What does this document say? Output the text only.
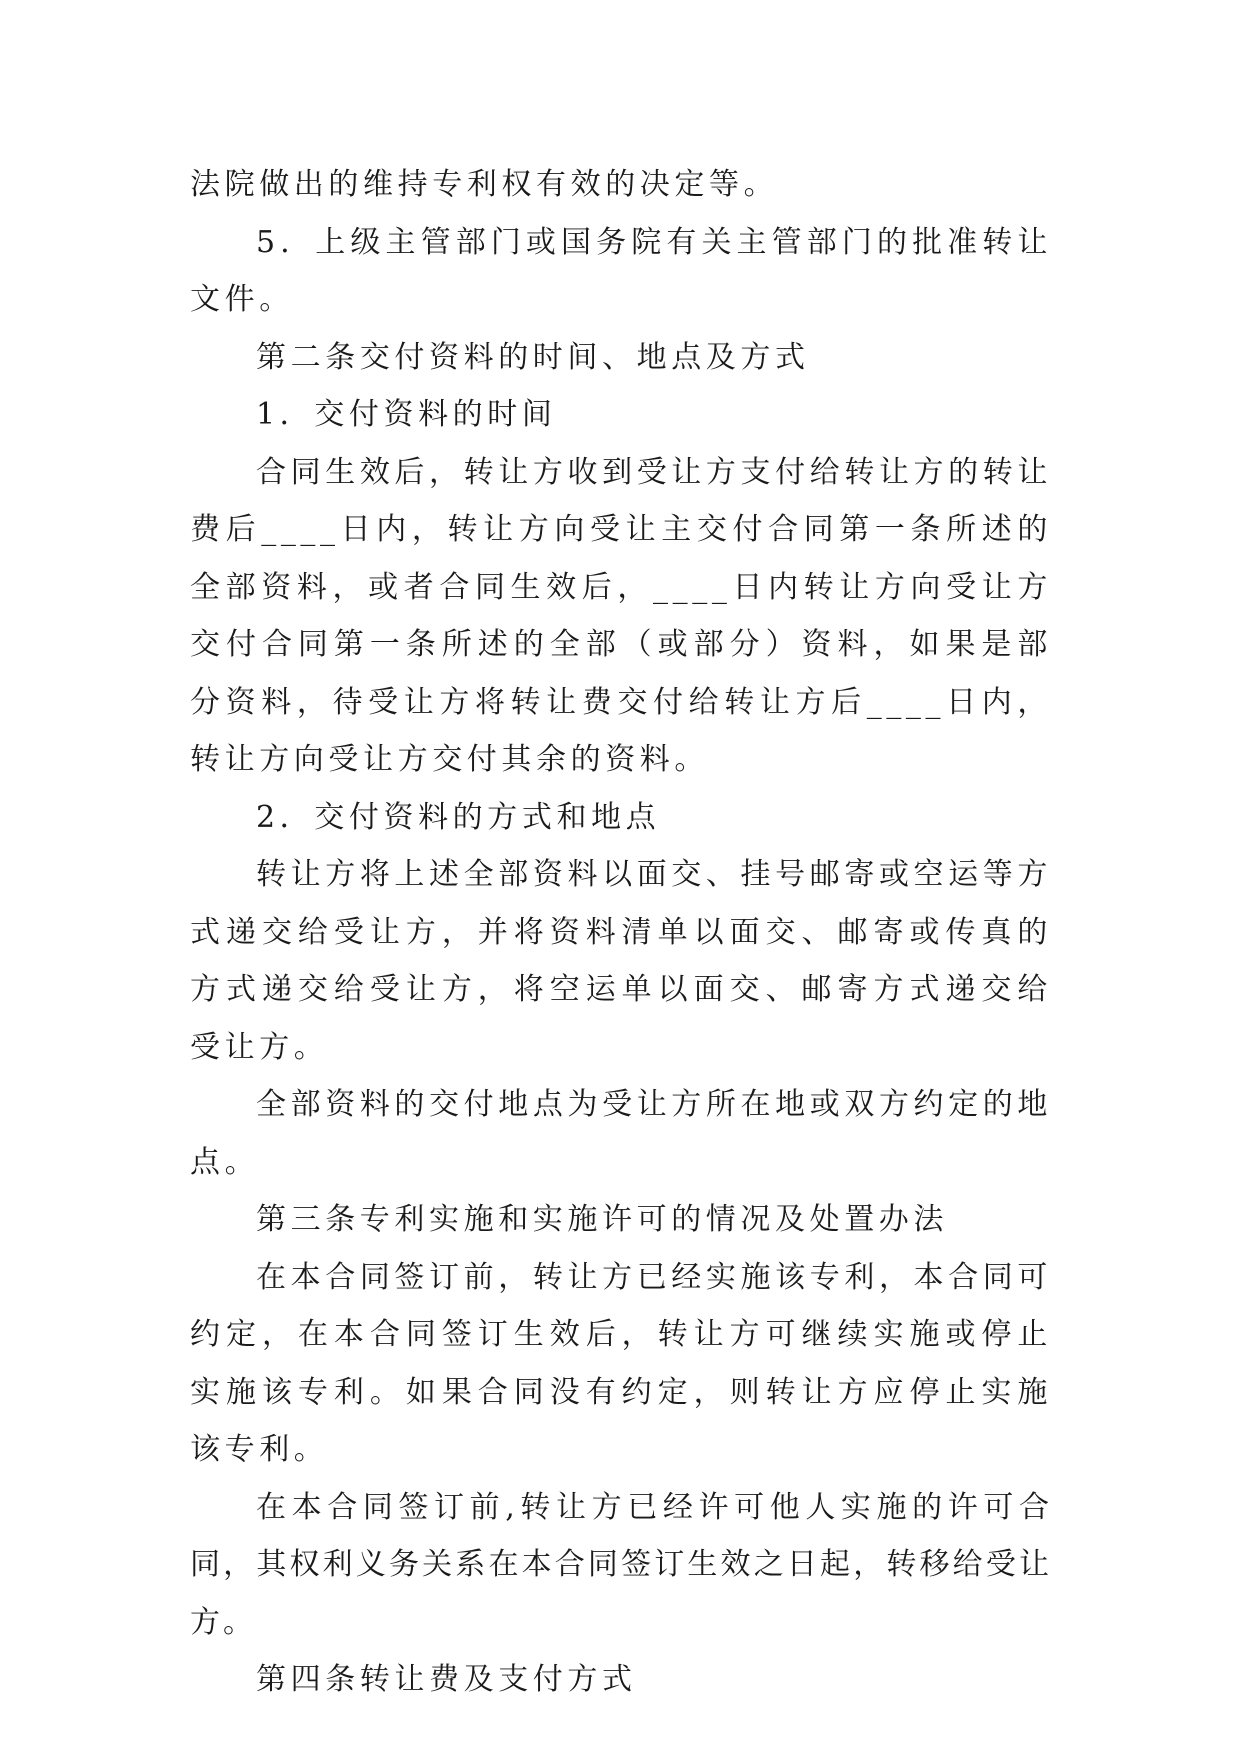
法院做出的维持专利权有效的决定等。

5．上级主管部门或国务院有关主管部门的批准转让文件。

第二条交付资料的时间、地点及方式

1．交付资料的时间

合同生效后，转让方收到受让方支付给转让方的转让费后____日内，转让方向受让主交付合同第一条所述的全部资料，或者合同生效后，____日内转让方向受让方交付合同第一条所述的全部（或部分）资料，如果是部分资料，待受让方将转让费交付给转让方后____日内，转让方向受让方交付其余的资料。

2．交付资料的方式和地点

转让方将上述全部资料以面交、挂号邮寄或空运等方式递交给受让方，并将资料清单以面交、邮寄或传真的方式递交给受让方，将空运单以面交、邮寄方式递交给受让方。

全部资料的交付地点为受让方所在地或双方约定的地点。

第三条专利实施和实施许可的情况及处置办法

在本合同签订前，转让方已经实施该专利，本合同可约定，在本合同签订生效后，转让方可继续实施或停止实施该专利。如果合同没有约定，则转让方应停止实施该专利。

在本合同签订前,转让方已经许可他人实施的许可合同，其权利义务关系在本合同签订生效之日起，转移给受让方。

第四条转让费及支付方式
